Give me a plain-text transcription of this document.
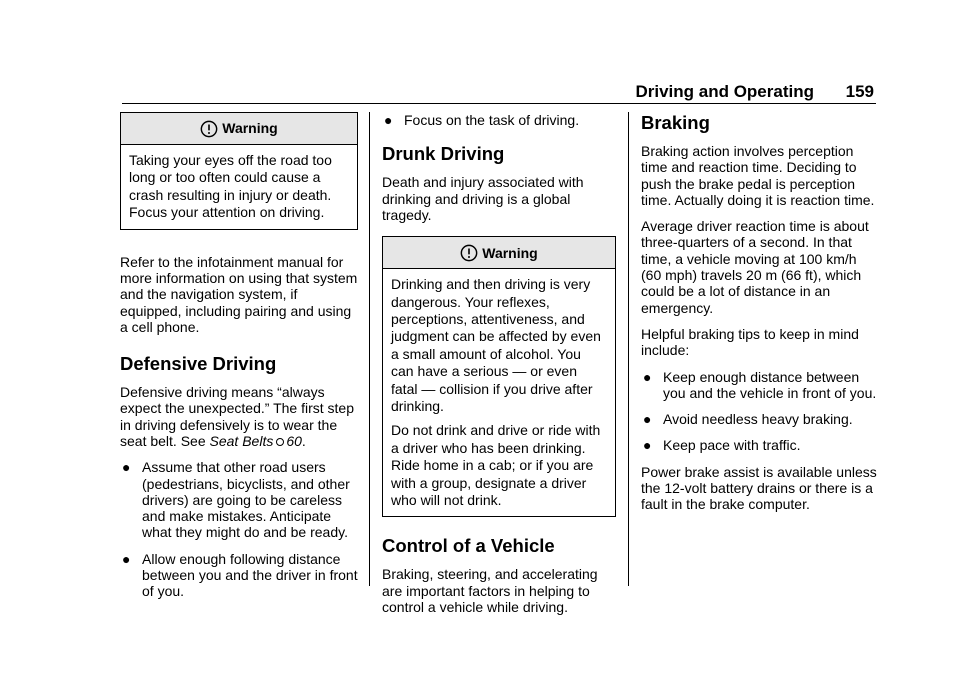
Driving and Operating 159
Warning

Taking your eyes off the road too long or too often could cause a crash resulting in injury or death. Focus your attention on driving.

Refer to the infotainment manual for more information on using that system and the navigation system, if equipped, including pairing and using a cell phone.

Defensive Driving

Defensive driving means “always expect the unexpected.” The first step in driving defensively is to wear the seat belt. See Seat Belts 60.

● Assume that other road users (pedestrians, bicyclists, and other drivers) are going to be careless and make mistakes. Anticipate what they might do and be ready.
● Allow enough following distance between you and the driver in front of you.
● Focus on the task of driving.
Drunk Driving

Death and injury associated with drinking and driving is a global tragedy.

Warning

Drinking and then driving is very dangerous. Your reflexes, perceptions, attentiveness, and judgment can be affected by even a small amount of alcohol. You can have a serious — or even fatal — collision if you drive after drinking.

Do not drink and drive or ride with a driver who has been drinking. Ride home in a cab; or if you are with a group, designate a driver who will not drink.

Control of a Vehicle

Braking, steering, and accelerating are important factors in helping to control a vehicle while driving.

Braking

Braking action involves perception time and reaction time. Deciding to push the brake pedal is perception time. Actually doing it is reaction time.

Average driver reaction time is about three-quarters of a second. In that time, a vehicle moving at 100 km/h (60 mph) travels 20 m (66 ft), which could be a lot of distance in an emergency.

Helpful braking tips to keep in mind include:

● Keep enough distance between you and the vehicle in front of you.
● Avoid needless heavy braking.
● Keep pace with traffic.

Power brake assist is available unless the 12-volt battery drains or there is a fault in the brake computer.
